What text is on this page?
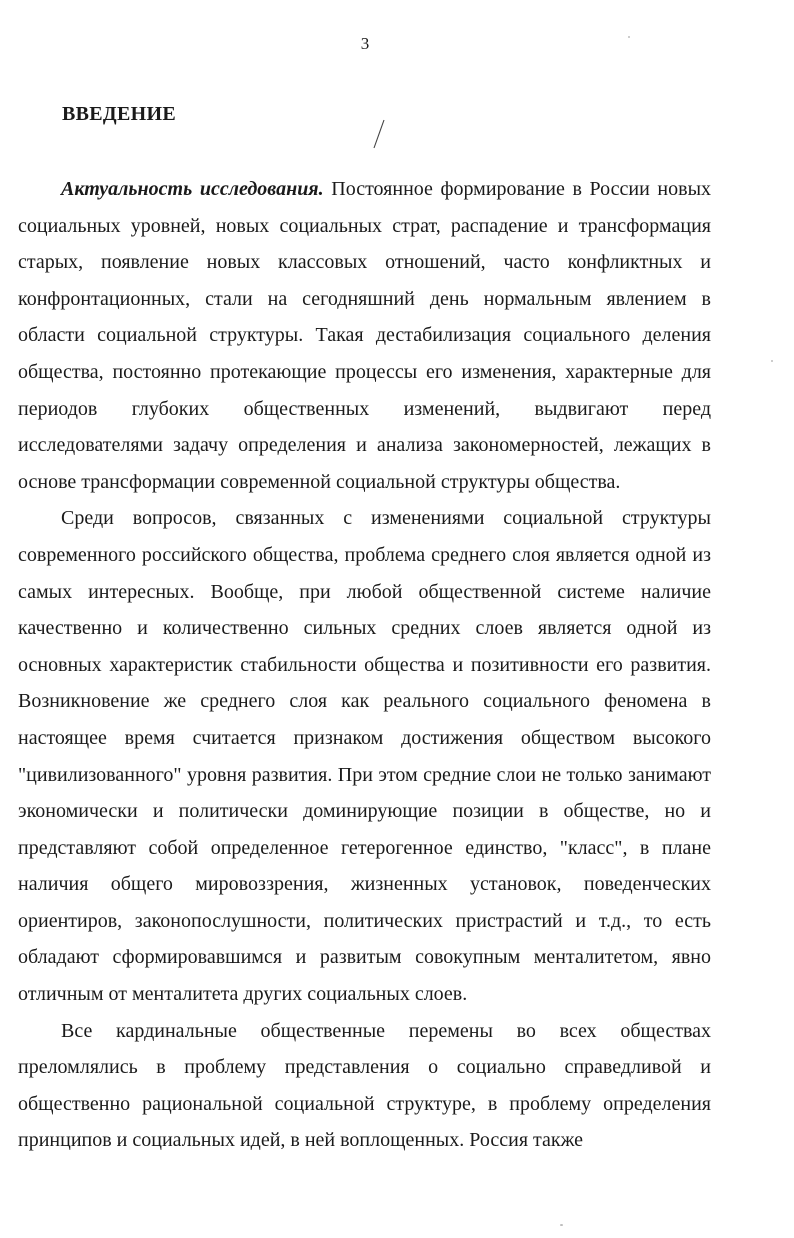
3
ВВЕДЕНИЕ

Актуальность исследования. Постоянное формирование в России новых социальных уровней, новых социальных страт, распадение и трансформация старых, появление новых классовых отношений, часто конфликтных и конфронтационных, стали на сегодняшний день нормальным явлением в области социальной структуры. Такая дестабилизация социального деления общества, постоянно протекающие процессы его изменения, характерные для периодов глубоких общественных изменений, выдвигают перед исследователями задачу определения и анализа закономерностей, лежащих в основе трансформации современной социальной структуры общества.

Среди вопросов, связанных с изменениями социальной структуры современного российского общества, проблема среднего слоя является одной из самых интересных. Вообще, при любой общественной системе наличие качественно и количественно сильных средних слоев является одной из основных характеристик стабильности общества и позитивности его развития. Возникновение же среднего слоя как реального социального феномена в настоящее время считается признаком достижения обществом высокого "цивилизованного" уровня развития. При этом средние слои не только занимают экономически и политически доминирующие позиции в обществе, но и представляют собой определенное гетерогенное единство, "класс", в плане наличия общего мировоззрения, жизненных установок, поведенческих ориентиров, законопослушности, политических пристрастий и т.д., то есть обладают сформировавшимся и развитым совокупным менталитетом, явно отличным от менталитета других социальных слоев.

Все кардинальные общественные перемены во всех обществах преломлялись в проблему представления о социально справедливой и общественно рациональной социальной структуре, в проблему определения принципов и социальных идей, в ней воплощенных. Россия также
